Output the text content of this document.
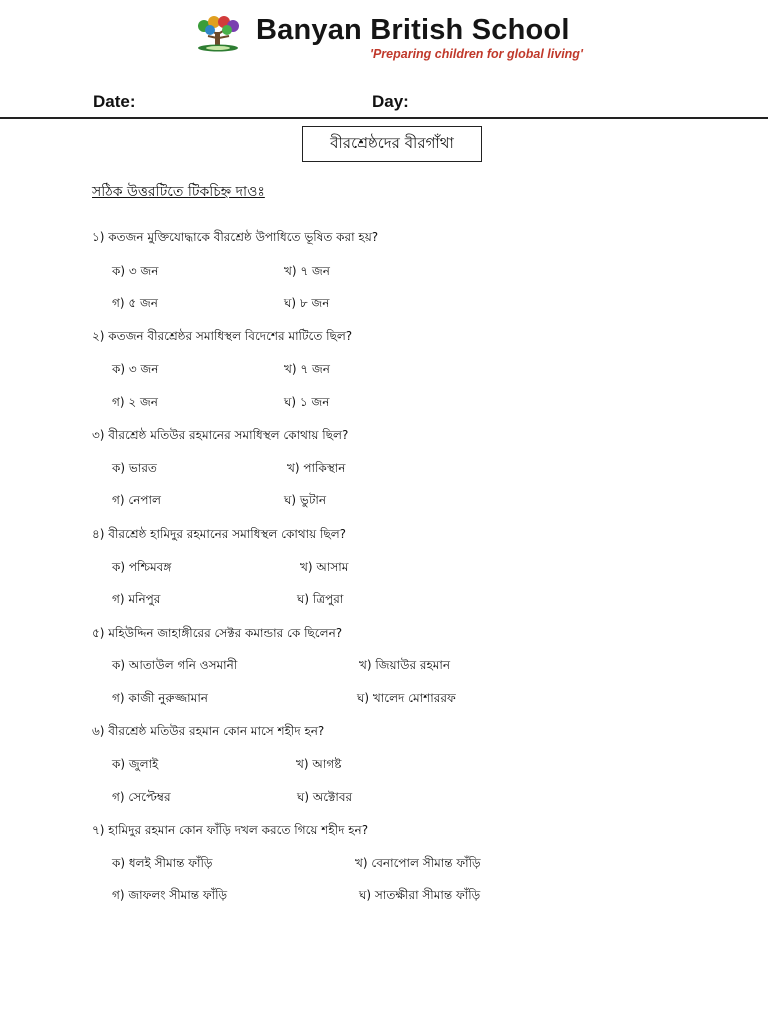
Banyan British School
'Preparing children for global living'
Date:	Day:
বীরশ্রেষ্ঠদের বীরগাঁথা
সঠিক উত্তরটিতে টিকচিহ্ন দাওঃ
১) কতজন মুক্তিযোদ্ধাকে বীরশ্রেষ্ঠ উপাধিতে ভূষিত করা হয়?
ক) ৩ জন	খ) ৭ জন
গ) ৫ জন	ঘ) ৮ জন
২) কতজন বীরশ্রেষ্ঠর সমাধিস্থল বিদেশের মাটিতে ছিল?
ক) ৩ জন	খ) ৭ জন
গ) ২ জন	ঘ) ১ জন
৩) বীরশ্রেষ্ঠ মতিউর রহমানের সমাধিস্থল কোথায় ছিল?
ক) ভারত	খ) পাকিস্থান
গ) নেপাল	ঘ) ভুটান
৪) বীরশ্রেষ্ঠ হামিদুর রহমানের সমাধিস্থল কোথায় ছিল?
ক) পশ্চিমবঙ্গ	খ) আসাম
গ) মনিপুর	ঘ) ত্রিপুরা
৫) মহিউদ্দিন জাহাঙ্গীরের সেক্টর কমান্ডার কে ছিলেন?
ক) আতাউল গনি ওসমানী	খ) জিয়াউর রহমান
গ) কাজী নুরুজ্জামান	ঘ) খালেদ মোশাররফ
৬) বীরশ্রেষ্ঠ মতিউর রহমান কোন মাসে শহীদ হন?
ক) জুলাই	খ) আগষ্ট
গ) সেপ্টেম্বর	ঘ) অক্টোবর
৭) হামিদুর রহমান কোন ফাঁড়ি দখল করতে গিয়ে শহীদ হন?
ক) ধলই সীমান্ত ফাঁড়ি	খ) বেনাপোল সীমান্ত ফাঁড়ি
গ) জাফলং সীমান্ত ফাঁড়ি	ঘ) সাতক্ষীরা সীমান্ত ফাঁড়ি
